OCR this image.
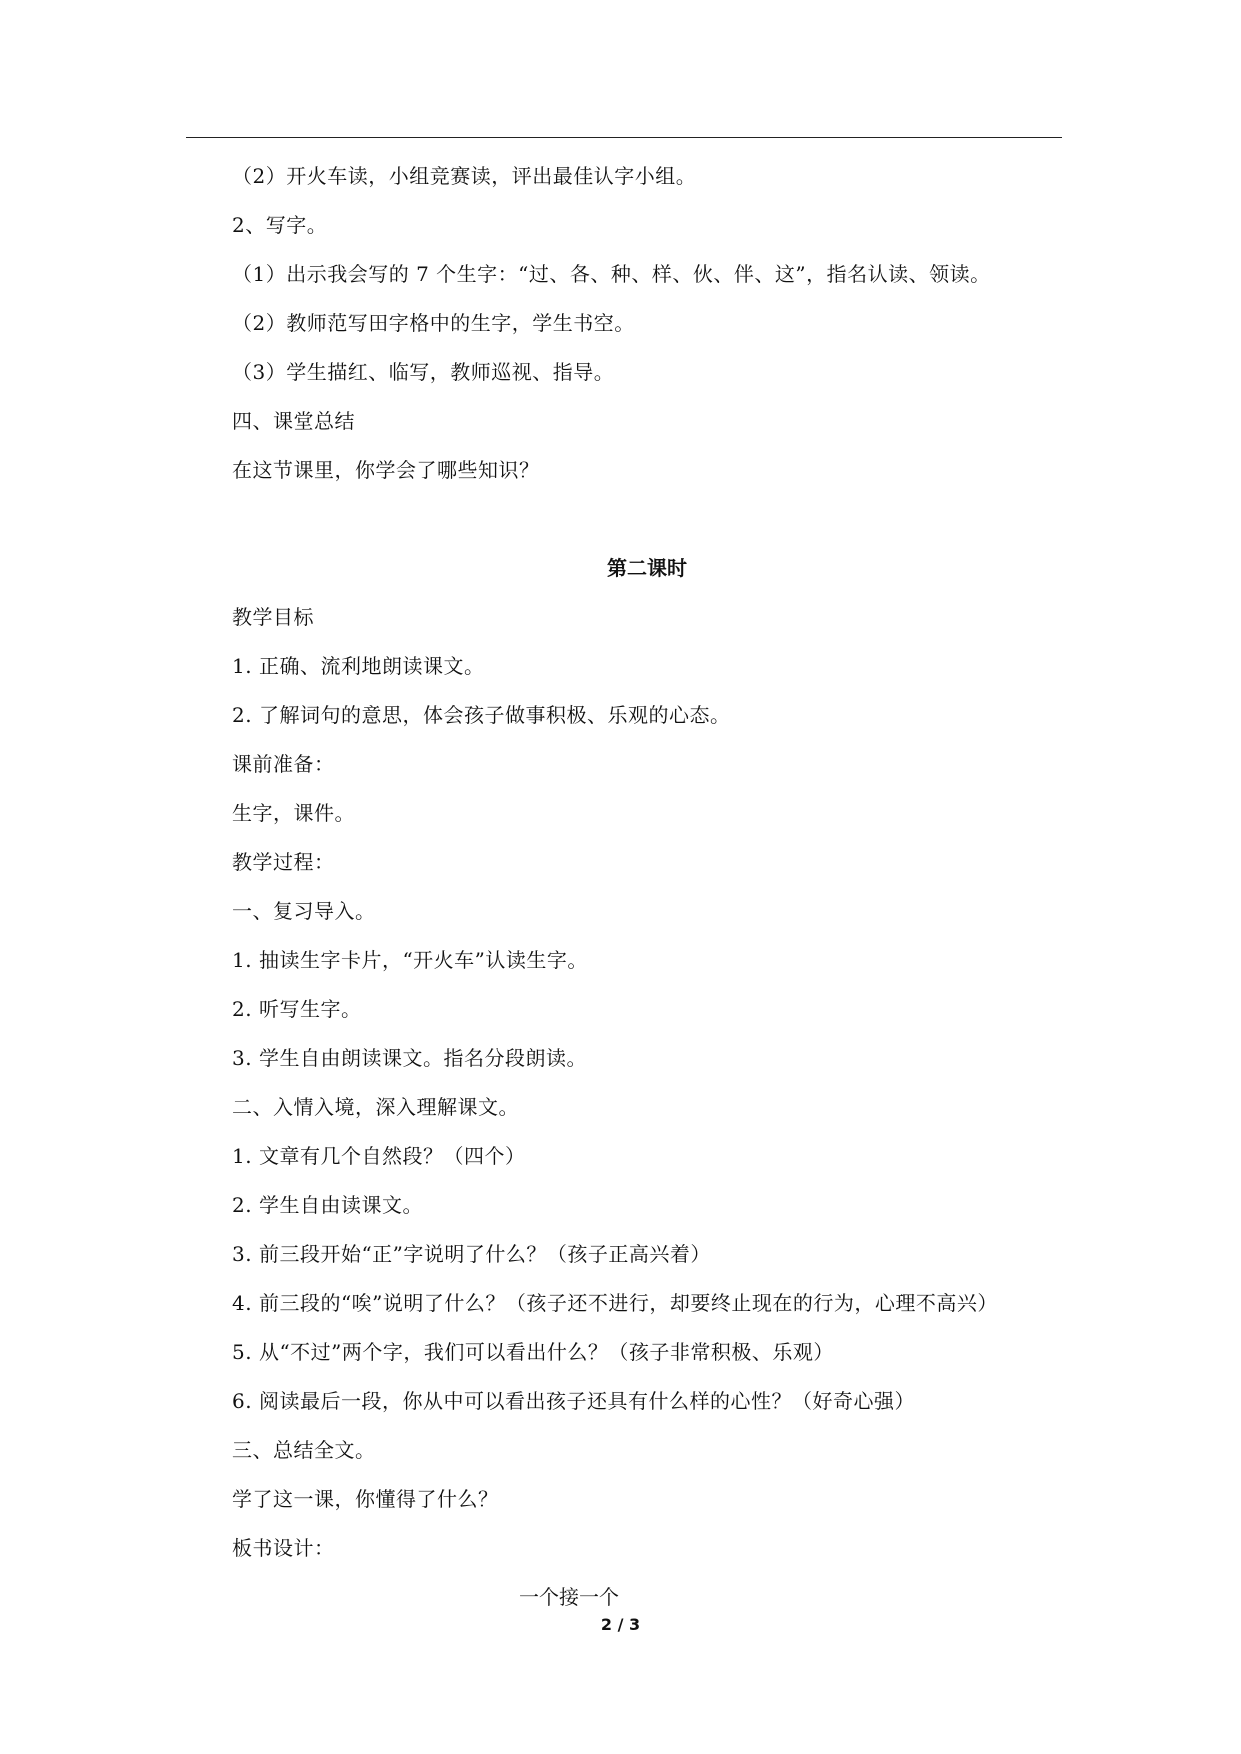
（2）开火车读，小组竞赛读，评出最佳认字小组。
2、写字。
（1）出示我会写的 7 个生字：“过、各、种、样、伙、伴、这”，指名认读、领读。
（2）教师范写田字格中的生字，学生书空。
（3）学生描红、临写，教师巡视、指导。
四、课堂总结
在这节课里，你学会了哪些知识？
第二课时
教学目标
1. 正确、流利地朗读课文。
2. 了解词句的意思，体会孩子做事积极、乐观的心态。
课前准备：
生字，课件。
教学过程：
一、复习导入。
1. 抽读生字卡片，“开火车”认读生字。
2. 听写生字。
3. 学生自由朗读课文。指名分段朗读。
二、入情入境，深入理解课文。
1. 文章有几个自然段？（四个）
2. 学生自由读课文。
3. 前三段开始“正”字说明了什么？（孩子正高兴着）
4. 前三段的“唉”说明了什么？（孩子还不进行，却要终止现在的行为，心理不高兴）
5. 从“不过”两个字，我们可以看出什么？（孩子非常积极、乐观）
6. 阅读最后一段，你从中可以看出孩子还具有什么样的心性？（好奇心强）
三、总结全文。
学了这一课，你懂得了什么？
板书设计：
一个接一个
2 / 3
